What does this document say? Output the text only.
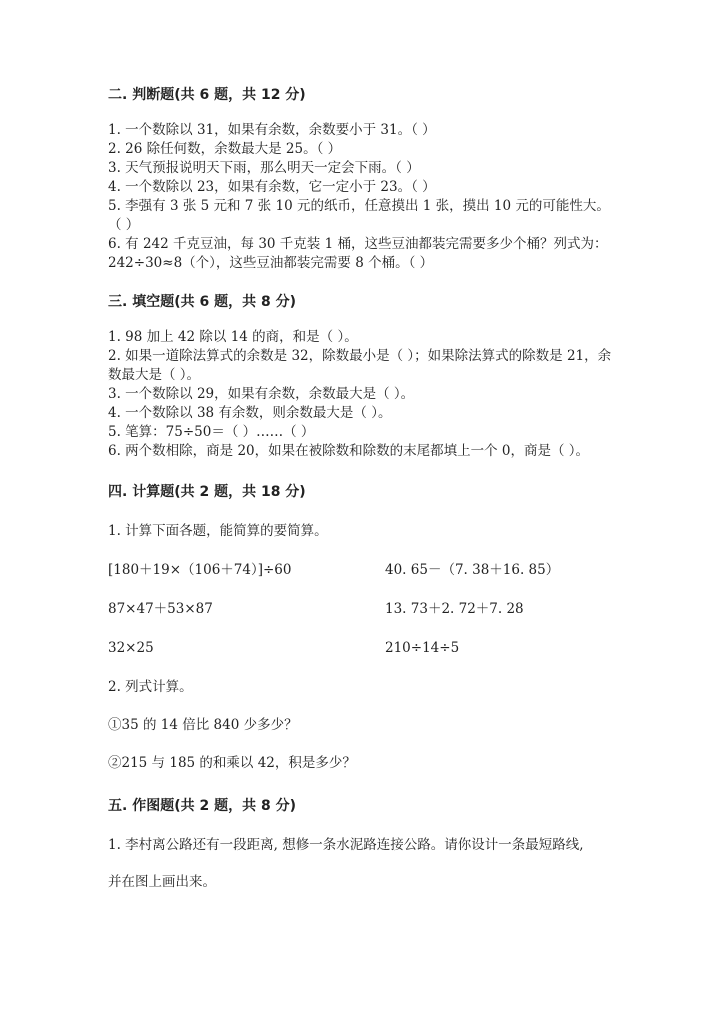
二. 判断题(共 6 题，共 12 分)

1. 一个数除以 31，如果有余数，余数要小于 31。（ ）

2. 26 除任何数，余数最大是 25。（ ）

3. 天气预报说明天下雨，那么明天一定会下雨。（ ）

4. 一个数除以 23，如果有余数，它一定小于 23。（ ）

5. 李强有 3 张 5 元和 7 张 10 元的纸币，任意摸出 1 张，摸出 10 元的可能性大。 （ ）

6. 有 242 千克豆油，每 30 千克装 1 桶，这些豆油都装完需要多少个桶？列式为：242÷30≈8（个），这些豆油都装完需要 8 个桶。（ ）

三. 填空题(共 6 题，共 8 分)

1. 98 加上 42 除以 14 的商，和是（ ）。

2. 如果一道除法算式的余数是 32，除数最小是（ ）；如果除法算式的除数是 21，余数最大是（ ）。

3. 一个数除以 29，如果有余数，余数最大是（ ）。

4. 一个数除以 38 有余数，则余数最大是（ ）。

5. 笔算：75÷50＝（ ）……（ ）

6. 两个数相除，商是 20，如果在被除数和除数的末尾都填上一个 0，商是（ ）。

四. 计算题(共 2 题，共 18 分)

1. 计算下面各题，能简算的要简算。

[180＋19×（106＋74）]÷60	40. 65－（7. 38＋16. 85）
87×47＋53×87	13. 73＋2. 72＋7. 28
32×25	210÷14÷5

2. 列式计算。

①35 的 14 倍比 840 少多少？

②215 与 185 的和乘以 42，积是多少？

五. 作图题(共 2 题，共 8 分)

1. 李村离公路还有一段距离, 想修一条水泥路连接公路。请你设计一条最短路线,

并在图上画出来。
